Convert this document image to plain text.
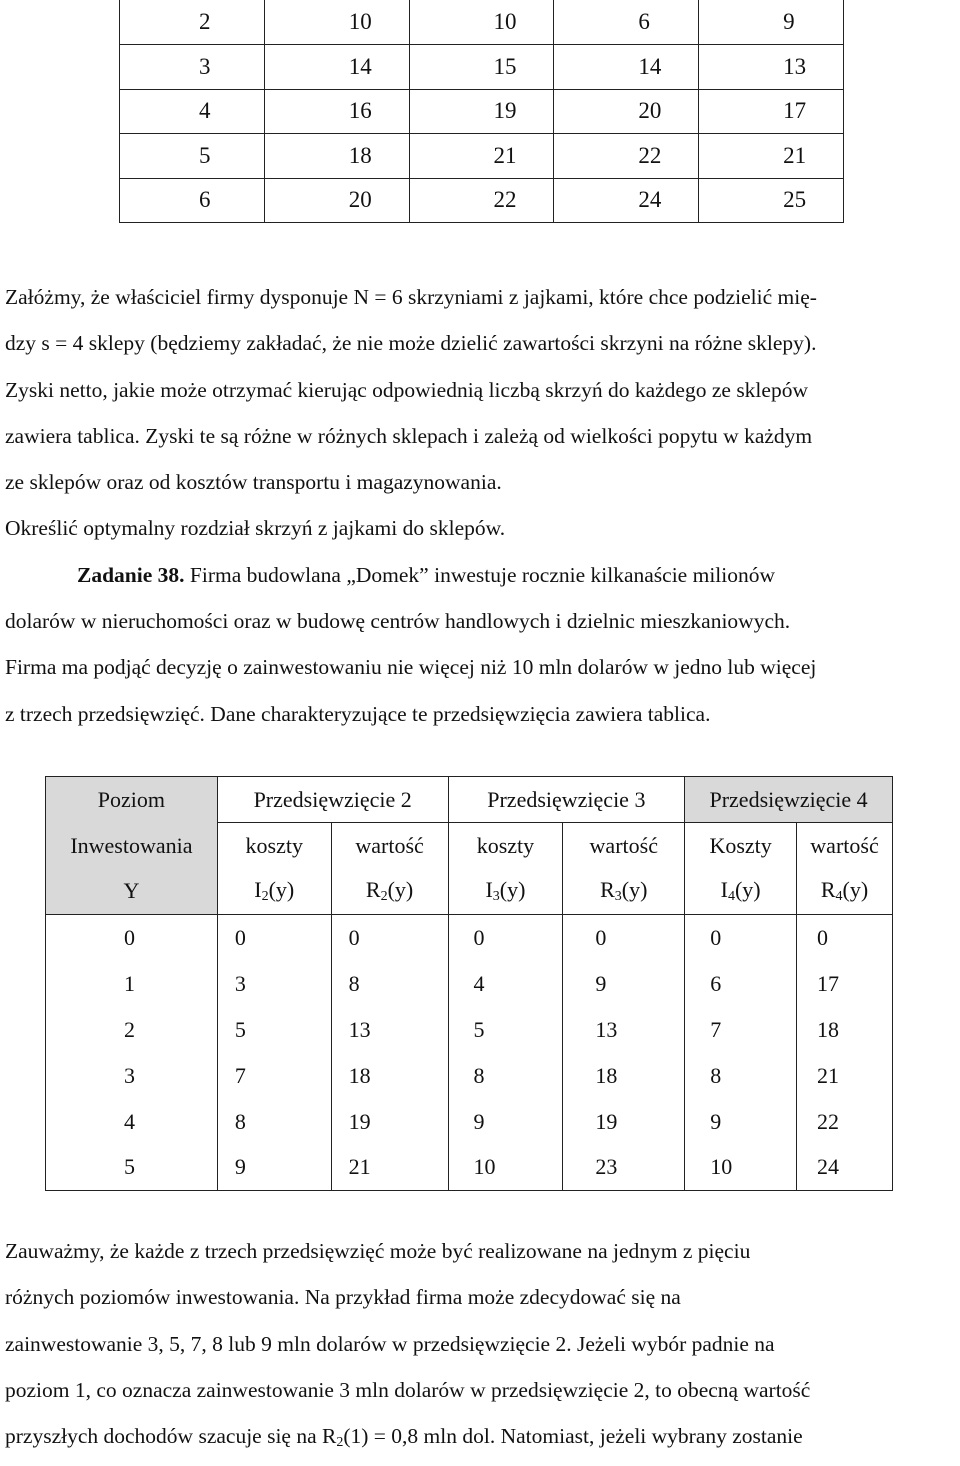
2	10	10	6	9
3	14	15	14	13
4	16	19	20	17
5	18	21	22	21
6	20	22	24	25
Załóżmy, że właściciel firmy dysponuje N = 6 skrzyniami z jajkami, które chce podzielić mię-
dzy s = 4 sklepy (będziemy zakładać, że nie może dzielić zawartości skrzyni na różne sklepy).
Zyski netto, jakie może otrzymać kierując odpowiednią liczbą skrzyń do każdego ze sklepów
zawiera tablica. Zyski te są różne w różnych sklepach i zależą od wielkości popytu w każdym
ze sklepów oraz od kosztów transportu i magazynowania.
Określić optymalny rozdział skrzyń z jajkami do sklepów.
Zadanie 38. Firma budowlana „Domek” inwestuje rocznie kilkanaście milionów
dolarów w nieruchomości oraz w budowę centrów handlowych i dzielnic mieszkaniowych.
Firma ma podjąć decyzję o zainwestowaniu nie więcej niż 10 mln dolarów w jedno lub więcej
z trzech przedsięwzięć. Dane charakteryzujące te przedsięwzięcia zawiera tablica.
Poziom	Przedsięwzięcie 2		Przedsięwzięcie 3		Przedsięwzięcie 4	
Inwestowania	koszty	wartość	koszty	wartość	Koszty	wartość
Y	$I_2(y)$	$R_2(y)$	$I_3(y)$	$R_3(y)$	$I_4(y)$	$R_4(y)$
0	0	0	0	0	0	0
1	3	8	4	9	6	17
2	5	13	5	13	7	18
3	7	18	8	18	8	21
4	8	19	9	19	9	22
5	9	21	10	23	10	24
Zauważmy, że każde z trzech przedsięwzięć może być realizowane na jednym z pięciu
różnych poziomów inwestowania. Na przykład firma może zdecydować się na
zainwestowanie 3, 5, 7, 8 lub 9 mln dolarów w przedsięwzięcie 2. Jeżeli wybór padnie na
poziom 1, co oznacza zainwestowanie 3 mln dolarów w przedsięwzięcie 2, to obecną wartość
przyszłych dochodów szacuje się na $R_2(1) = 0,8$ mln dol. Natomiast, jeżeli wybrany zostanie
